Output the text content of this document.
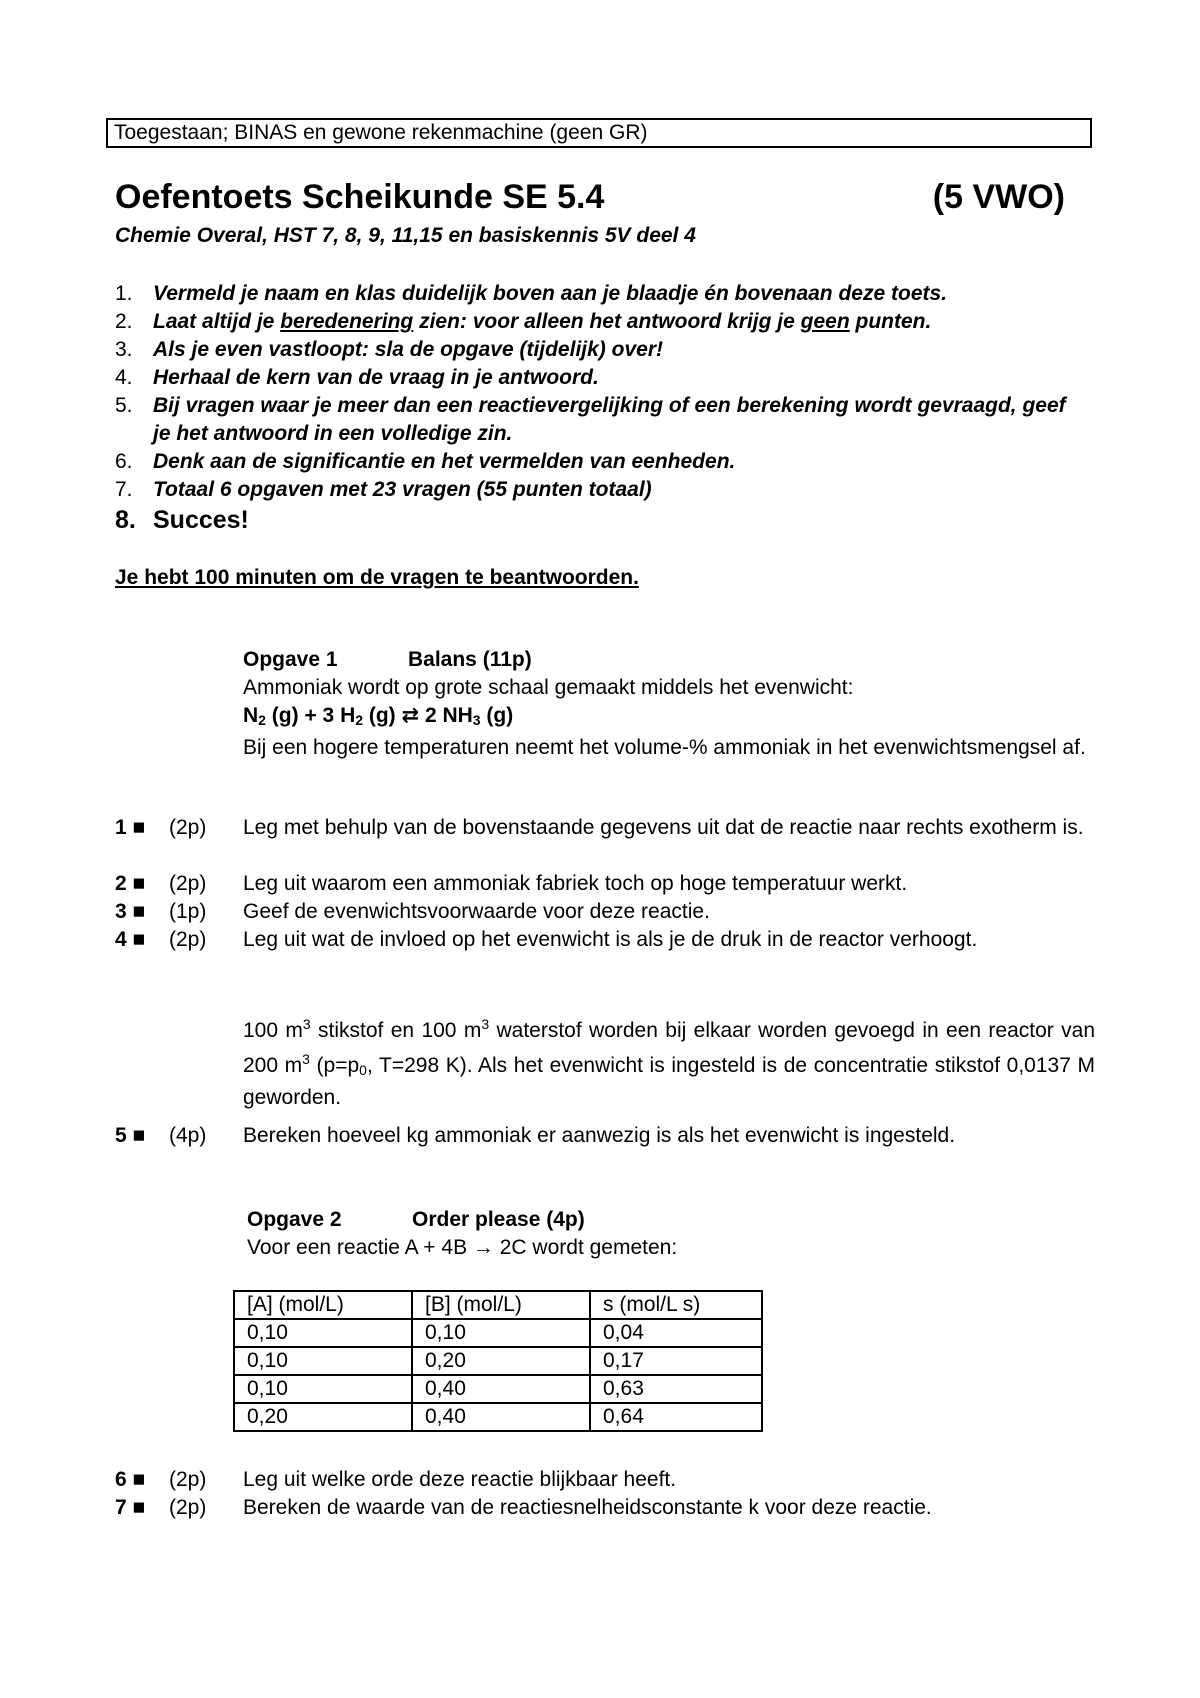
Toegestaan; BINAS en gewone rekenmachine (geen GR)
Oefentoets Scheikunde SE 5.4	(5 VWO)
Chemie Overal, HST 7, 8, 9, 11,15 en basiskennis 5V deel 4
1. Vermeld je naam en klas duidelijk boven aan je blaadje én bovenaan deze toets.
2. Laat altijd je beredenering zien: voor alleen het antwoord krijg je geen punten.
3. Als je even vastloopt: sla de opgave (tijdelijk) over!
4. Herhaal de kern van de vraag in je antwoord.
5. Bij vragen waar je meer dan een reactievergelijking of een berekening wordt gevraagd, geef je het antwoord in een volledige zin.
6. Denk aan de significantie en het vermelden van eenheden.
7. Totaal 6 opgaven met 23 vragen (55 punten totaal)
8. Succes!
Je hebt 100 minuten om de vragen te beantwoorden.
Opgave 1	Balans (11p)
Ammoniak wordt op grote schaal gemaakt middels het evenwicht:
$N_2$ (g) + 3 $H_2$ (g) ⇄ 2 $NH_3$ (g)
Bij een hogere temperaturen neemt het volume-% ammoniak in het evenwichtsmengsel af.
1 ■ (2p) Leg met behulp van de bovenstaande gegevens uit dat de reactie naar rechts exotherm is.
2 ■ (2p) Leg uit waarom een ammoniak fabriek toch op hoge temperatuur werkt.
3 ■ (1p) Geef de evenwichtsvoorwaarde voor deze reactie.
4 ■ (2p) Leg uit wat de invloed op het evenwicht is als je de druk in de reactor verhoogt.
100 $m^3$ stikstof en 100 $m^3$ waterstof worden bij elkaar worden gevoegd in een reactor van 200 $m^3$ ($p=p_0$, T=298 K). Als het evenwicht is ingesteld is de concentratie stikstof 0,0137 M geworden.
5 ■ (4p) Bereken hoeveel kg ammoniak er aanwezig is als het evenwicht is ingesteld.
Opgave 2	Order please (4p)
Voor een reactie A + 4B → 2C wordt gemeten:
[A] (mol/L)	[B] (mol/L)	s (mol/L s)
0,10	0,10	0,04
0,10	0,20	0,17
0,10	0,40	0,63
0,20	0,40	0,64
6 ■ (2p) Leg uit welke orde deze reactie blijkbaar heeft.
7 ■ (2p) Bereken de waarde van de reactiesnelheidsconstante k voor deze reactie.
